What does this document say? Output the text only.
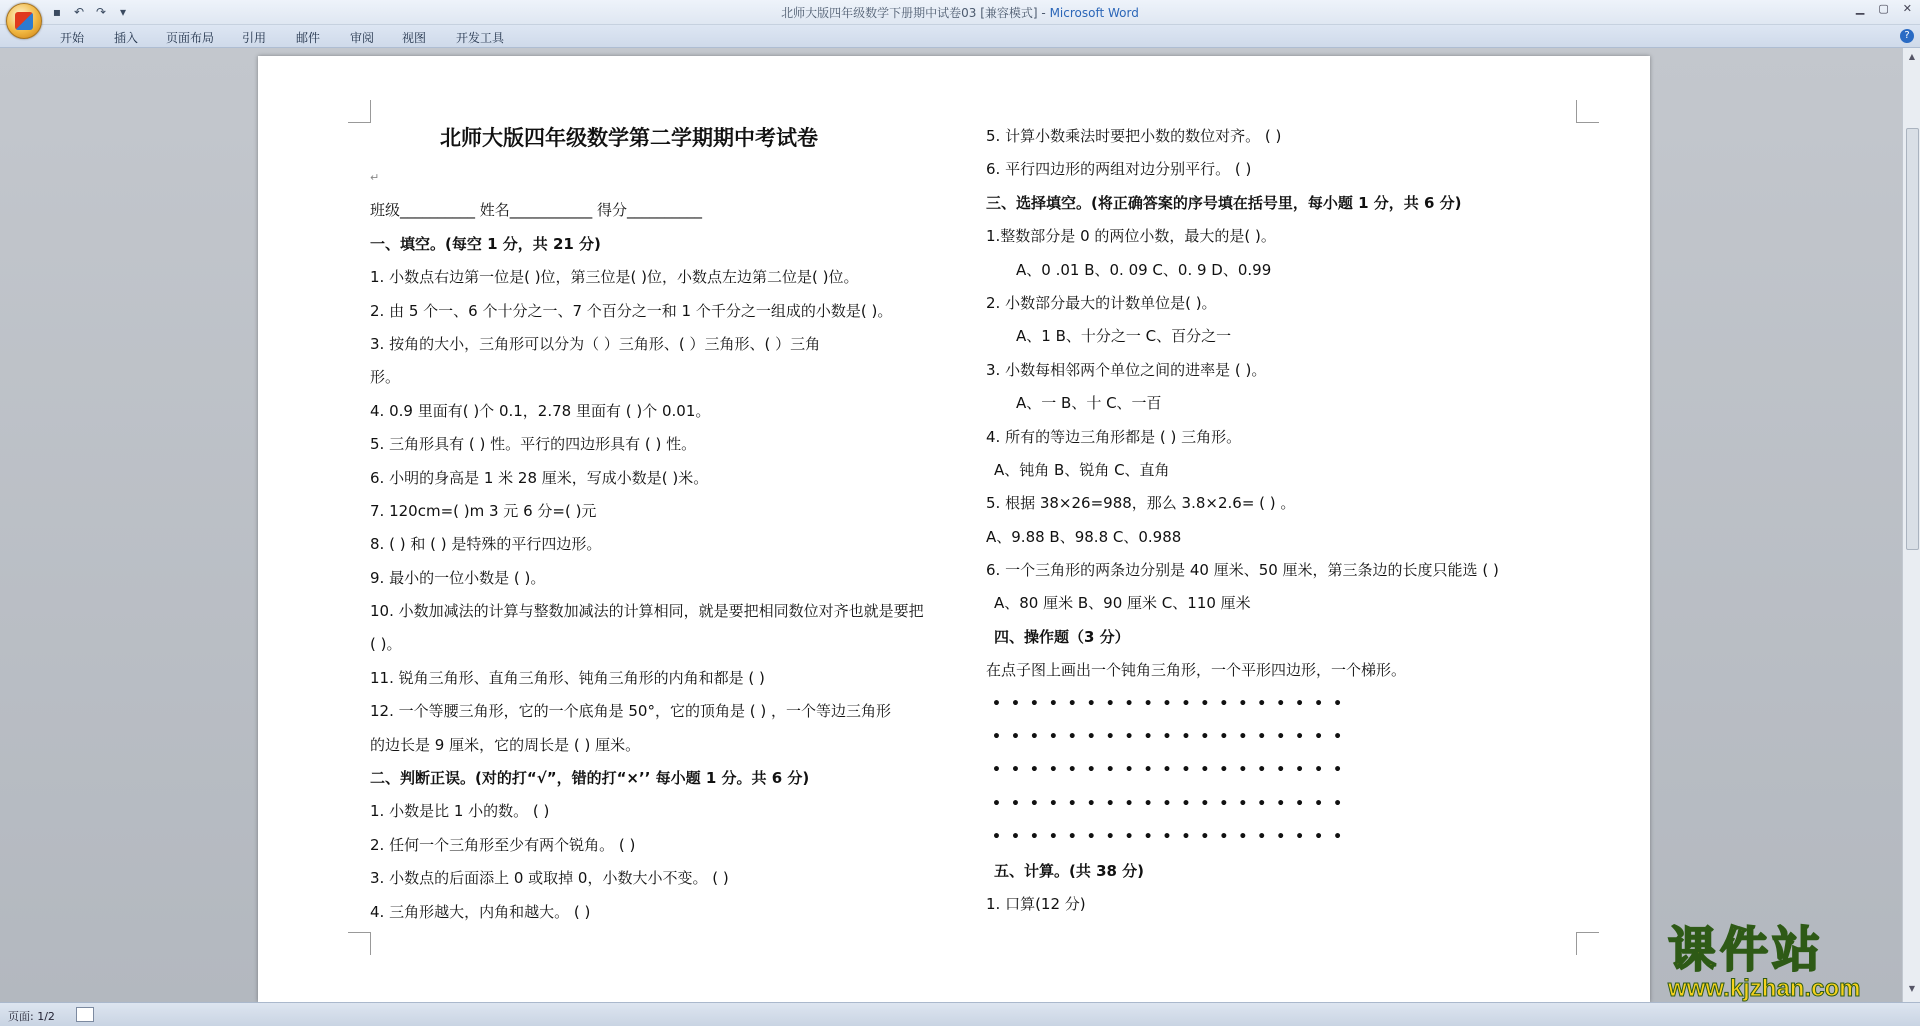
▪ ↶ ↷	▾	北师大版四年级数学下册期中试卷03 [兼容模式] - Microsoft Word	▁ ▢ ✕
开始 插入 页面布局 引用 邮件 审阅 视图 开发工具	?
▲
▼
北师大版四年级数学第二学期期中考试卷
↵
班级__________ 姓名___________ 得分__________
一、填空。(每空 1 分，共 21 分)
1. 小数点右边第一位是( )位，第三位是( )位，小数点左边第二位是( )位。
2. 由 5 个一、6 个十分之一、7 个百分之一和 1 个千分之一组成的小数是( )。
3. 按角的大小，三角形可以分为（ ）三角形、( ）三角形、( ）三角
形。
4. 0.9 里面有( )个 0.1，2.78 里面有 ( )个 0.01。
5. 三角形具有 ( ) 性。平行的四边形具有 ( ) 性。
6. 小明的身高是 1 米 28 厘米，写成小数是( )米。
7. 120cm=( )m 3 元 6 分=( )元
8. ( ) 和 ( ) 是特殊的平行四边形。
9. 最小的一位小数是 ( )。
10. 小数加减法的计算与整数加减法的计算相同，就是要把相同数位对齐也就是要把
( )。
11. 锐角三角形、直角三角形、钝角三角形的内角和都是 ( )
12. 一个等腰三角形，它的一个底角是 50°，它的顶角是 ( ) ，一个等边三角形
的边长是 9 厘米，它的周长是 ( ) 厘米。
二、判断正误。(对的打“√”，错的打“×’’ 每小题 1 分。共 6 分)
1. 小数是比 1 小的数。 ( )
2. 任何一个三角形至少有两个锐角。 ( )
3. 小数点的后面添上 0 或取掉 0，小数大小不变。 ( )
4. 三角形越大，内角和越大。 ( )
5. 计算小数乘法时要把小数的数位对齐。 ( )
6. 平行四边形的两组对边分别平行。 ( )
三、选择填空。(将正确答案的序号填在括号里，每小题 1 分，共 6 分)
1.整数部分是 0 的两位小数，最大的是( )。
A、0 .01 B、0. 09 C、0. 9 D、0.99
2. 小数部分最大的计数单位是( )。
A、1 B、十分之一 C、百分之一
3. 小数每相邻两个单位之间的进率是 ( )。
A、一 B、十 C、一百
4. 所有的等边三角形都是 ( ) 三角形。
A、钝角 B、锐角 C、直角
5. 根据 38×26=988，那么 3.8×2.6= ( ) 。
A、9.88 B、98.8 C、0.988
6. 一个三角形的两条边分别是 40 厘米、50 厘米，第三条边的长度只能选 ( )
A、80 厘米 B、90 厘米 C、110 厘米
四、操作题（3 分）
在点子图上画出一个钝角三角形，一个平形四边形，一个梯形。
•••••••••••••••••••
•••••••••••••••••••
•••••••••••••••••••
•••••••••••••••••••
•••••••••••••••••••
五、计算。(共 38 分)
1. 口算(12 分)
页面: 1/2
课件站
www.kjzhan.com
